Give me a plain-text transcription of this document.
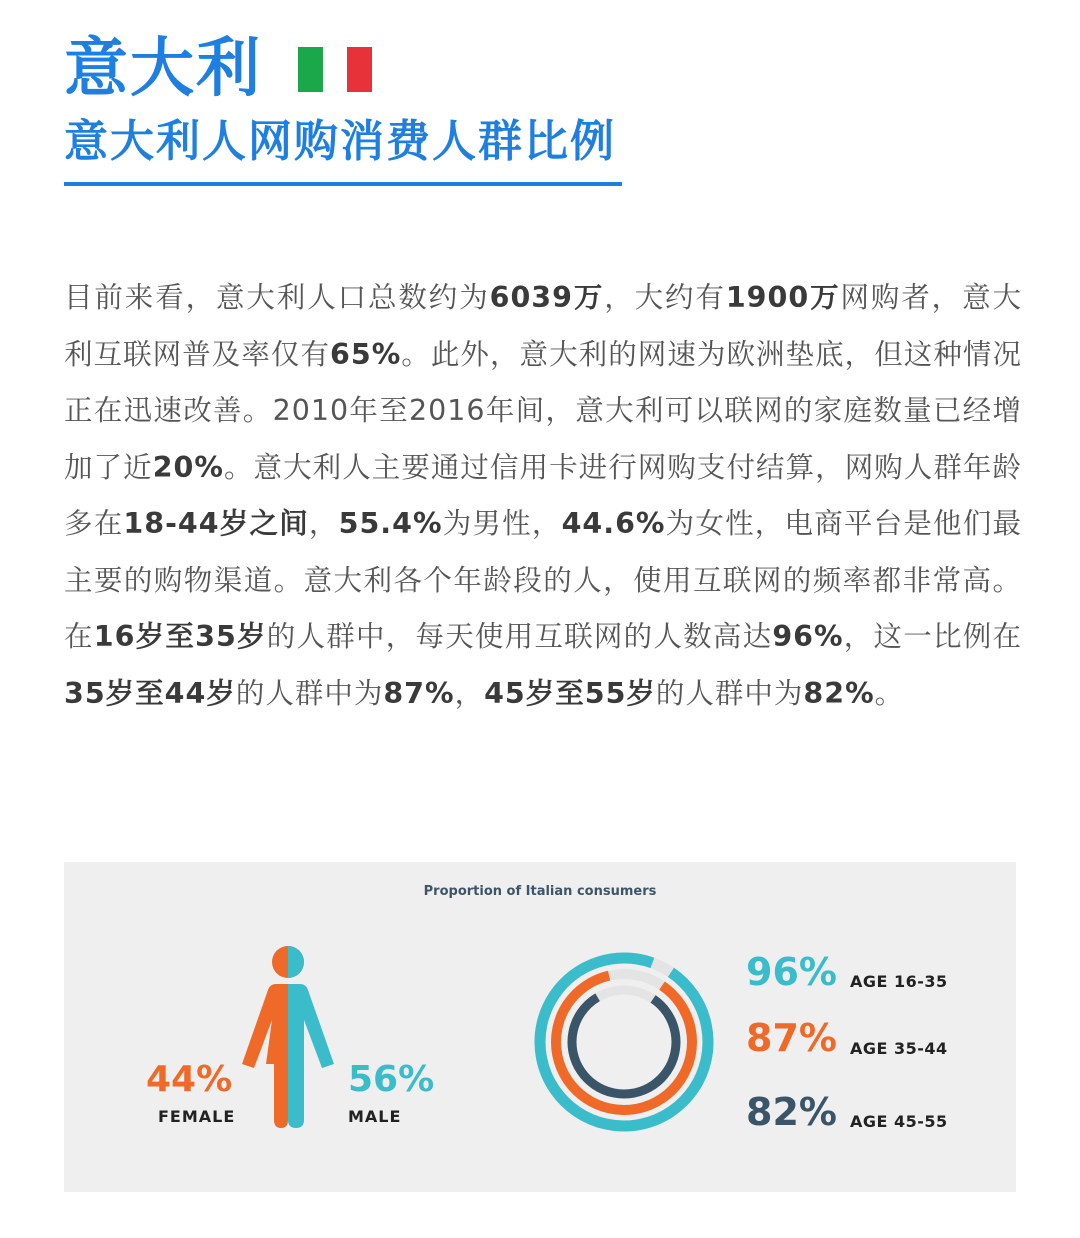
意大利
意大利人网购消费人群比例

目前来看，意大利人口总数约为6039万，大约有1900万网购者，意大利互联网普及率仅有65%。此外，意大利的网速为欧洲垫底，但这种情况正在迅速改善。2010年至2016年间，意大利可以联网的家庭数量已经增加了近20%。意大利人主要通过信用卡进行网购支付结算，网购人群年龄多在18-44岁之间，55.4%为男性，44.6%为女性，电商平台是他们最主要的购物渠道。意大利各个年龄段的人，使用互联网的频率都非常高。在16岁至35岁的人群中，每天使用互联网的人数高达96%，这一比例在35岁至44岁的人群中为87%，45岁至55岁的人群中为82%。

Proportion of Italian consumers

44%
FEMALE
56%
MALE
96% AGE 16-35
87% AGE 35-44
82% AGE 45-55
